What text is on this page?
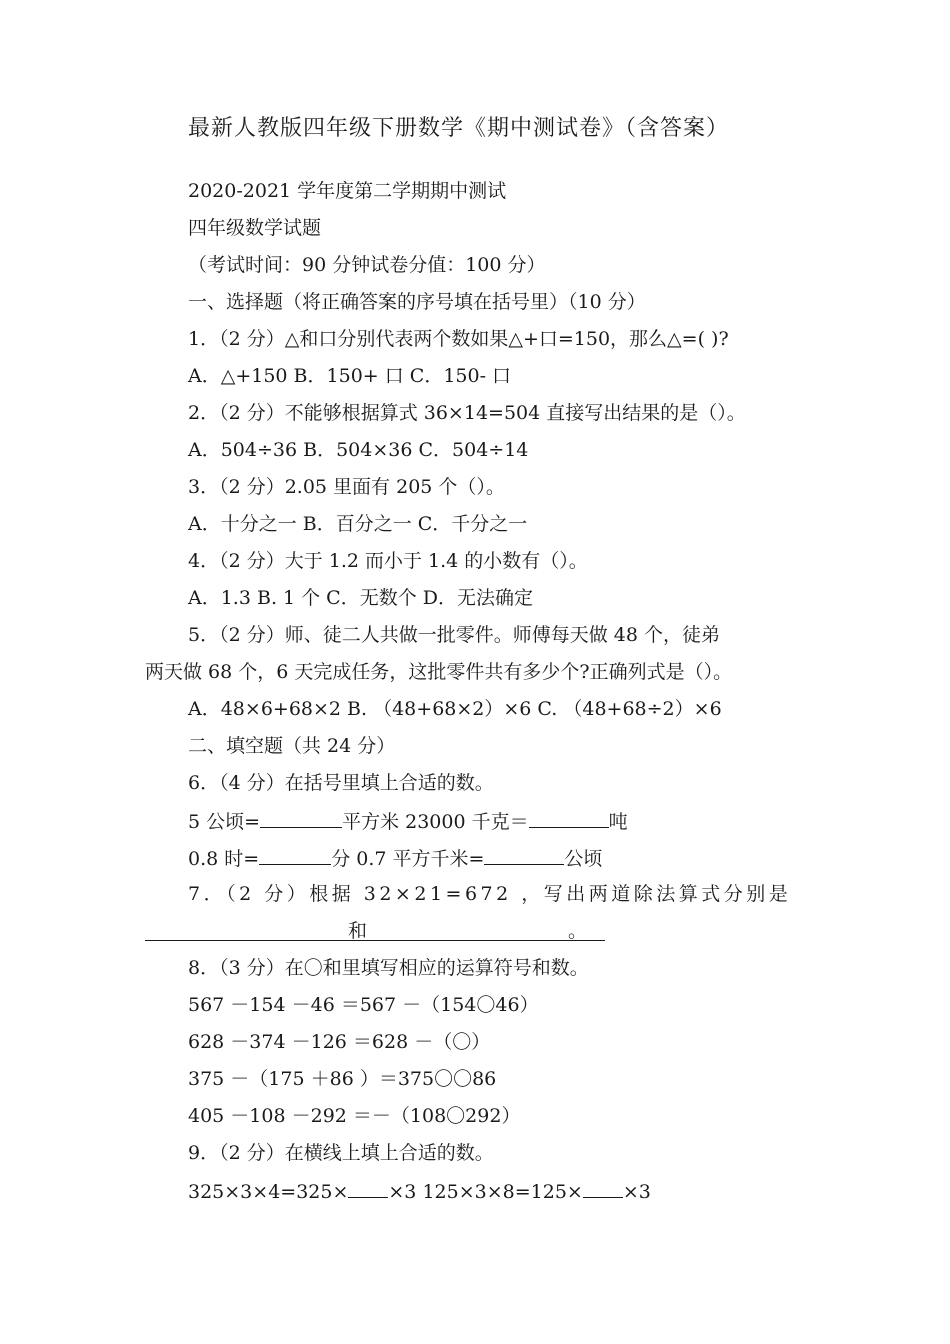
最新人教版四年级下册数学《期中测试卷》（含答案）
2020-2021 学年度第二学期期中测试
四年级数学试题
（考试时间：90 分钟试卷分值：100 分）
一、选择题（将正确答案的序号填在括号里）（10 分）
1．（2 分）△和口分别代表两个数如果△+口=150，那么△=( )?
A．△+150 B．150+ 口 C．150- 口
2．（2 分）不能够根据算式 36×14=504 直接写出结果的是（）。
A．504÷36 B．504×36 C．504÷14
3．（2 分）2.05 里面有 205 个（）。
A．十分之一 B．百分之一 C．千分之一
4．（2 分）大于 1.2 而小于 1.4 的小数有（）。
A．1.3 B. 1 个 C．无数个 D．无法确定
5．（2 分）师、徒二人共做一批零件。师傅每天做 48 个，徒弟
两天做 68 个，6 天完成任务，这批零件共有多少个?正确列式是（）。
A．48×6+68×2 B. （48+68×2）×6 C. （48+68÷2）×6
二、填空题（共 24 分）
6．（4 分）在括号里填上合适的数。
5 公顷=	平方米 23000 千克＝	吨
0.8 时=	分 0.7 平方千米=	公顷
7．（2 分）根据 32×21=672 ，写出两道除法算式分别是
和	。
8．（3 分）在〇和里填写相应的运算符号和数。
567 －154 －46 ＝567 －（154〇46）
628 －374 －126 ＝628 －（〇）
375 －（175 ＋86 ）＝375〇〇86
405 －108 －292 ＝－（108〇292）
9．（2 分）在横线上填上合适的数。
325×3×4=325× ×3 125×3×8=125× ×3
